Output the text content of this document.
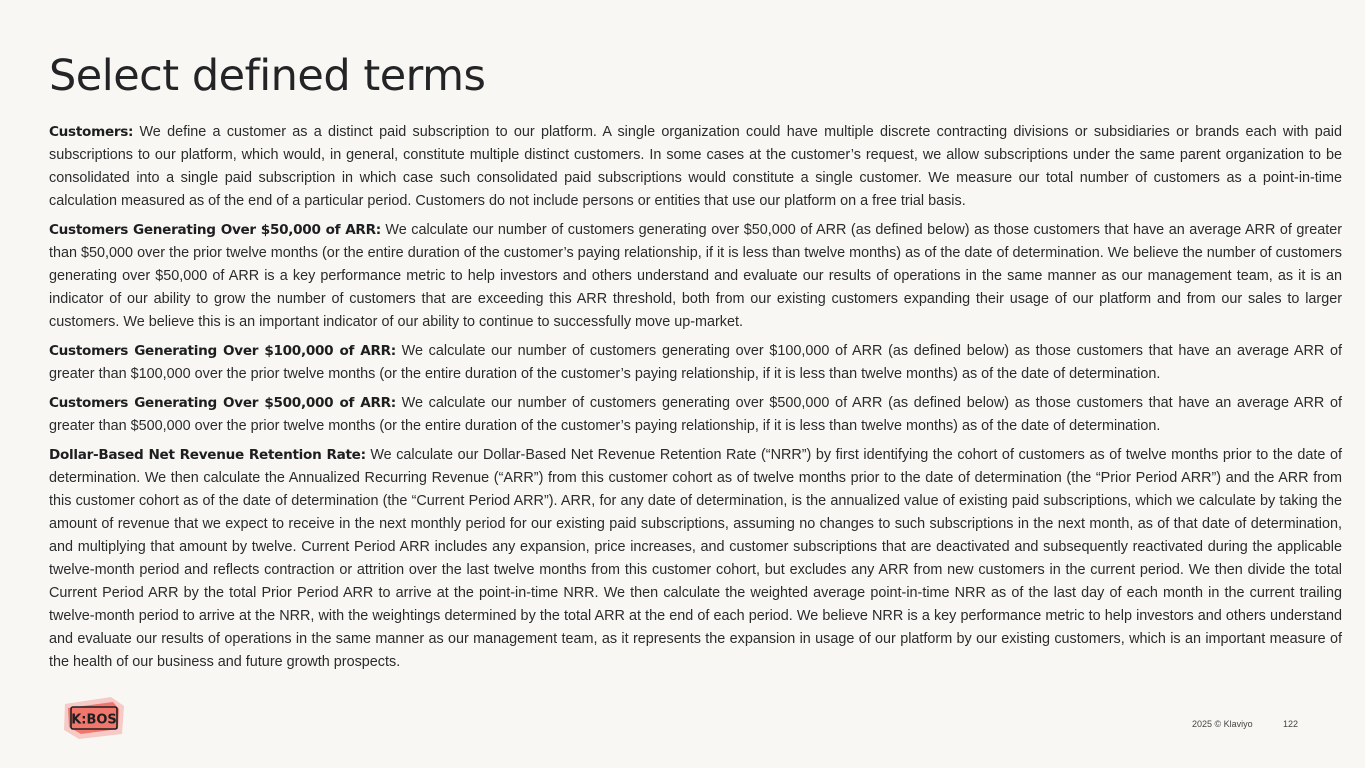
Select defined terms

Customers: We define a customer as a distinct paid subscription to our platform. A single organization could have multiple discrete contracting divisions or subsidiaries or brands each with paid subscriptions to our platform, which would, in general, constitute multiple distinct customers. In some cases at the customer’s request, we allow subscriptions under the same parent organization to be consolidated into a single paid subscription in which case such consolidated paid subscriptions would constitute a single customer. We measure our total number of customers as a point-in-time calculation measured as of the end of a particular period. Customers do not include persons or entities that use our platform on a free trial basis.

Customers Generating Over $50,000 of ARR: We calculate our number of customers generating over $50,000 of ARR (as defined below) as those customers that have an average ARR of greater than $50,000 over the prior twelve months (or the entire duration of the customer’s paying relationship, if it is less than twelve months) as of the date of determination. We believe the number of customers generating over $50,000 of ARR is a key performance metric to help investors and others understand and evaluate our results of operations in the same manner as our management team, as it is an indicator of our ability to grow the number of customers that are exceeding this ARR threshold, both from our existing customers expanding their usage of our platform and from our sales to larger customers. We believe this is an important indicator of our ability to continue to successfully move up-market.

Customers Generating Over $100,000 of ARR: We calculate our number of customers generating over $100,000 of ARR (as defined below) as those customers that have an average ARR of greater than $100,000 over the prior twelve months (or the entire duration of the customer’s paying relationship, if it is less than twelve months) as of the date of determination.

Customers Generating Over $500,000 of ARR: We calculate our number of customers generating over $500,000 of ARR (as defined below) as those customers that have an average ARR of greater than $500,000 over the prior twelve months (or the entire duration of the customer’s paying relationship, if it is less than twelve months) as of the date of determination.

Dollar-Based Net Revenue Retention Rate: We calculate our Dollar-Based Net Revenue Retention Rate (“NRR”) by first identifying the cohort of customers as of twelve months prior to the date of determination. We then calculate the Annualized Recurring Revenue (“ARR”) from this customer cohort as of twelve months prior to the date of determination (the “Prior Period ARR”) and the ARR from this customer cohort as of the date of determination (the “Current Period ARR”). ARR, for any date of determination, is the annualized value of existing paid subscriptions, which we calculate by taking the amount of revenue that we expect to receive in the next monthly period for our existing paid subscriptions, assuming no changes to such subscriptions in the next month, as of that date of determination, and multiplying that amount by twelve. Current Period ARR includes any expansion, price increases, and customer subscriptions that are deactivated and subsequently reactivated during the applicable twelve-month period and reflects contraction or attrition over the last twelve months from this customer cohort, but excludes any ARR from new customers in the current period. We then divide the total Current Period ARR by the total Prior Period ARR to arrive at the point-in-time NRR. We then calculate the weighted average point-in-time NRR as of the last day of each month in the current trailing twelve-month period to arrive at the NRR, with the weightings determined by the total ARR at the end of each period. We believe NRR is a key performance metric to help investors and others understand and evaluate our results of operations in the same manner as our management team, as it represents the expansion in usage of our platform by our existing customers, which is an important measure of the health of our business and future growth prospects.

K:BOS	2025 © Klaviyo	122
